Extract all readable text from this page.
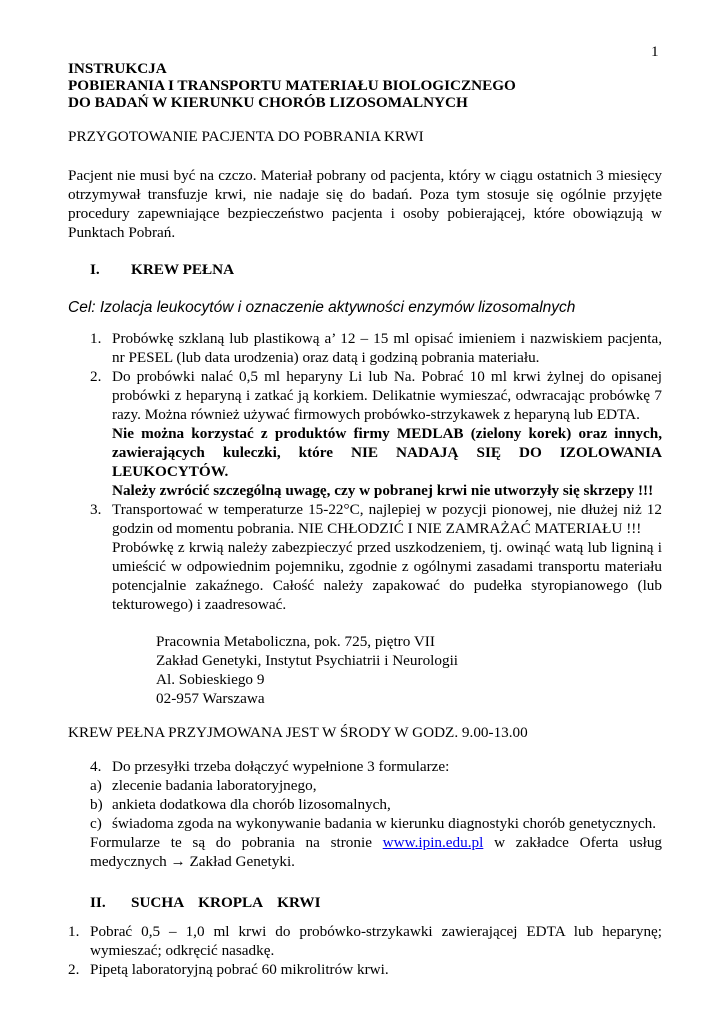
1
INSTRUKCJA
POBIERANIA I TRANSPORTU MATERIAŁU BIOLOGICZNEGO
DO BADAŃ W KIERUNKU CHORÓB LIZOSOMALNYCH
PRZYGOTOWANIE PACJENTA DO POBRANIA KRWI
Pacjent nie musi być na czczo. Materiał pobrany od pacjenta, który w ciągu ostatnich 3 miesięcy otrzymywał transfuzje krwi, nie nadaje się do badań. Poza tym stosuje się ogólnie przyjęte procedury zapewniające bezpieczeństwo pacjenta i osoby pobierającej, które obowiązują w Punktach Pobrań.
I.	KREW PEŁNA
Cel: Izolacja leukocytów i oznaczenie aktywności enzymów lizosomalnych
1. Probówkę szklaną lub plastikową a’ 12 – 15 ml opisać imieniem i nazwiskiem pacjenta, nr PESEL (lub data urodzenia) oraz datą i godziną pobrania materiału.
2. Do probówki nalać 0,5 ml heparyny Li lub Na. Pobrać 10 ml krwi żylnej do opisanej probówki z heparyną i zatkać ją korkiem. Delikatnie wymieszać, odwracając probówkę 7 razy. Można również używać firmowych probówko-strzykawek z heparyną lub EDTA.
Nie można korzystać z produktów firmy MEDLAB (zielony korek) oraz innych, zawierających kuleczki, które NIE NADAJĄ SIĘ DO IZOLOWANIA LEUKOCYTÓW.
Należy zwrócić szczególną uwagę, czy w pobranej krwi nie utworzyły się skrzepy !!!
3. Transportować w temperaturze 15-22°C, najlepiej w pozycji pionowej, nie dłużej niż 12 godzin od momentu pobrania. NIE CHŁODZIĆ I NIE ZAMRAŻAĆ MATERIAŁU !!!
Probówkę z krwią należy zabezpieczyć przed uszkodzeniem, tj. owinąć watą lub ligniną i umieścić w odpowiednim pojemniku, zgodnie z ogólnymi zasadami transportu materiału potencjalnie zakaźnego. Całość należy zapakować do pudełka styropianowego (lub tekturowego) i zaadresować.
Pracownia Metaboliczna, pok. 725, piętro VII
Zakład Genetyki, Instytut Psychiatrii i Neurologii
Al. Sobieskiego 9
02-957 Warszawa
KREW PEŁNA PRZYJMOWANA JEST W ŚRODY W GODZ. 9.00-13.00
4. Do przesyłki trzeba dołączyć wypełnione 3 formularze:
a) zlecenie badania laboratoryjnego,
b) ankieta dodatkowa dla chorób lizosomalnych,
c) świadoma zgoda na wykonywanie badania w kierunku diagnostyki chorób genetycznych.
Formularze te są do pobrania na stronie www.ipin.edu.pl w zakładce Oferta usług medycznych → Zakład Genetyki.
II.	SUCHA KROPLA KRWI
1. Pobrać 0,5 – 1,0 ml krwi do probówko-strzykawki zawierającej EDTA lub heparynę; wymieszać; odkręcić nasadkę.
2. Pipetą laboratoryjną pobrać 60 mikrolitrów krwi.
